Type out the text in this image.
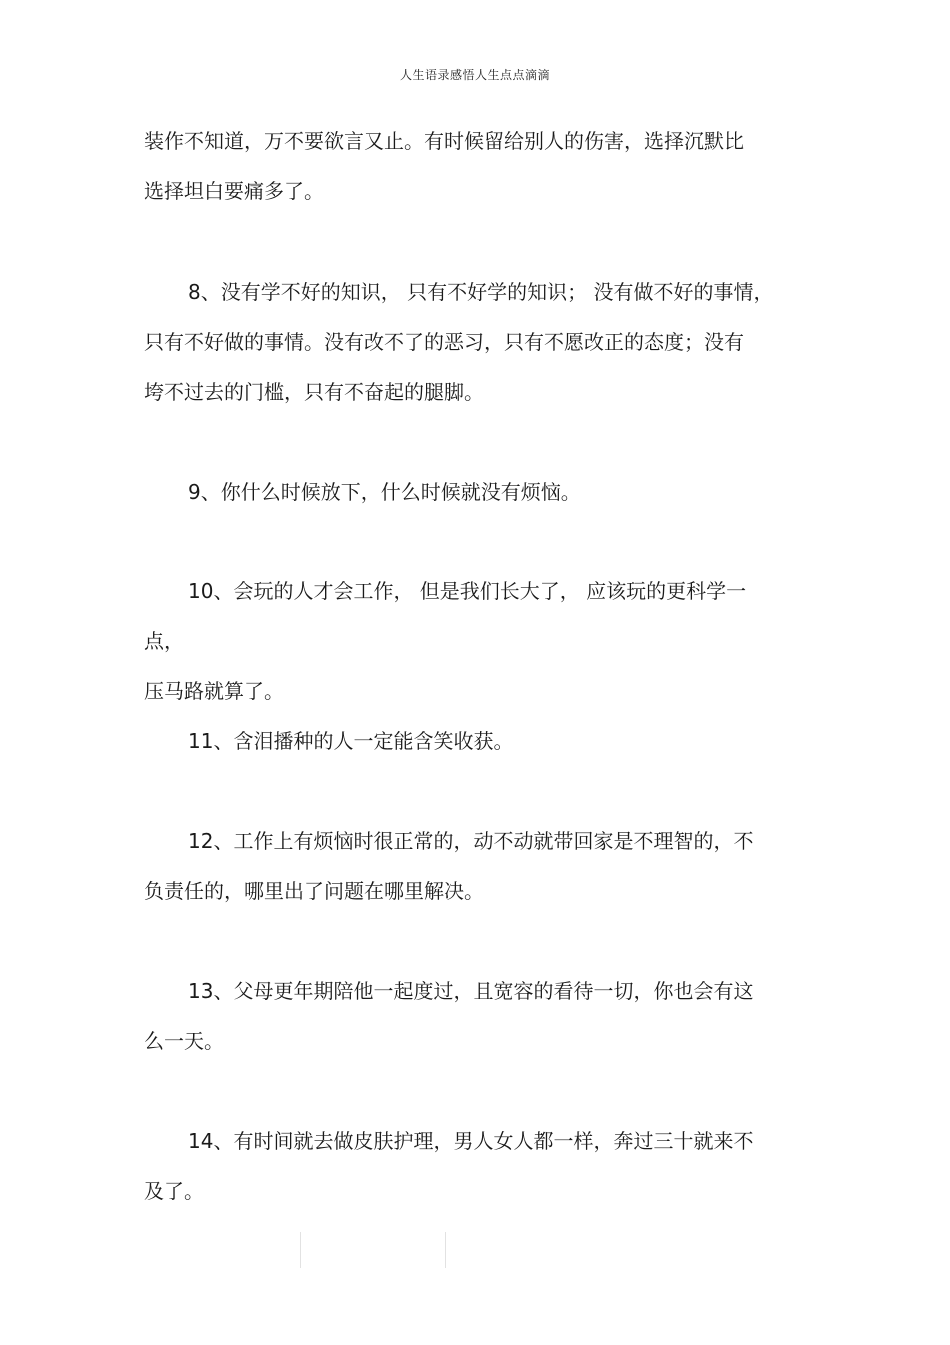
人生语录感悟人生点点滴滴
装作不知道，万不要欲言又止。有时候留给别人的伤害，选择沉默比
选择坦白要痛多了。
8、没有学不好的知识， 只有不好学的知识； 没有做不好的事情，
只有不好做的事情。没有改不了的恶习，只有不愿改正的态度；没有
垮不过去的门槛，只有不奋起的腿脚。
9、你什么时候放下，什么时候就没有烦恼。
10、会玩的人才会工作， 但是我们长大了， 应该玩的更科学一点，
压马路就算了。
11、含泪播种的人一定能含笑收获。
12、工作上有烦恼时很正常的，动不动就带回家是不理智的，不
负责任的，哪里出了问题在哪里解决。
13、父母更年期陪他一起度过，且宽容的看待一切，你也会有这
么一天。
14、有时间就去做皮肤护理，男人女人都一样，奔过三十就来不
及了。
